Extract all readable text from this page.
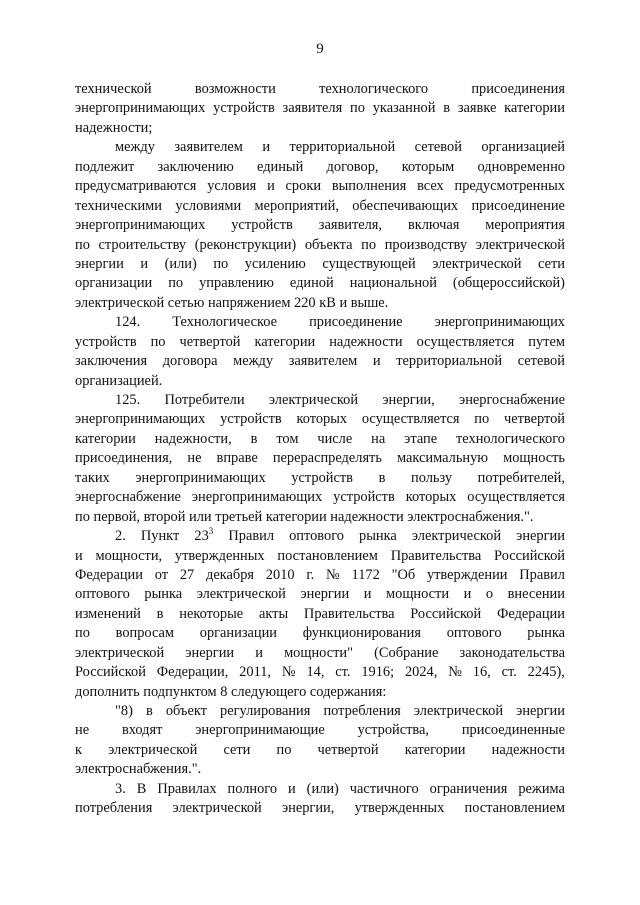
9
технической	возможности	технологического	присоединения
энергопринимающих устройств заявителя по указанной в заявке категории
надежности;

между заявителем и территориальной сетевой организацией
подлежит заключению единый договор, которым одновременно
предусматриваются условия и сроки выполнения всех предусмотренных
техническими условиями мероприятий, обеспечивающих присоединение
энергопринимающих устройств заявителя, включая мероприятия
по строительству (реконструкции) объекта по производству электрической
энергии и (или) по усилению существующей электрической сети
организации по управлению единой национальной (общероссийской)
электрической
сетью
напряжением
220
кВ
и
выше.

124. Технологическое присоединение энергопринимающих
устройств по четвертой категории надежности осуществляется путем
заключения договора между заявителем и территориальной сетевой
организацией.

125. Потребители электрической энергии, энергоснабжение
энергопринимающих устройств которых осуществляется по четвертой
категории надежности, в том числе на этапе технологического
присоединения, не вправе перераспределять максимальную мощность
таких энергопринимающих устройств в пользу потребителей,
энергоснабжение энергопринимающих устройств которых осуществляется
по
первой,
второй
или
третьей
категории
надежности
электроснабжения.".

2. Пункт $23^3$ Правил оптового рынка электрической энергии
и мощности, утвержденных постановлением Правительства Российской
Федерации от 27 декабря 2010 г. № 1172 "Об утверждении Правил
оптового рынка электрической энергии и мощности и о внесении
изменений в некоторые акты Правительства Российской Федерации
по вопросам организации функционирования оптового рынка
электрической энергии и мощности" (Собрание законодательства
Российской Федерации, 2011, № 14, ст. 1916; 2024, № 16, ст. 2245),
дополнить
подпунктом
8
следующего
содержания:

"8) в объект регулирования потребления электрической энергии
не входят энергопринимающие устройства, присоединенные
к электрической сети по четвертой категории надежности
электроснабжения.".

3. В Правилах полного и (или) частичного ограничения режима
потребления электрической энергии, утвержденных постановлением
